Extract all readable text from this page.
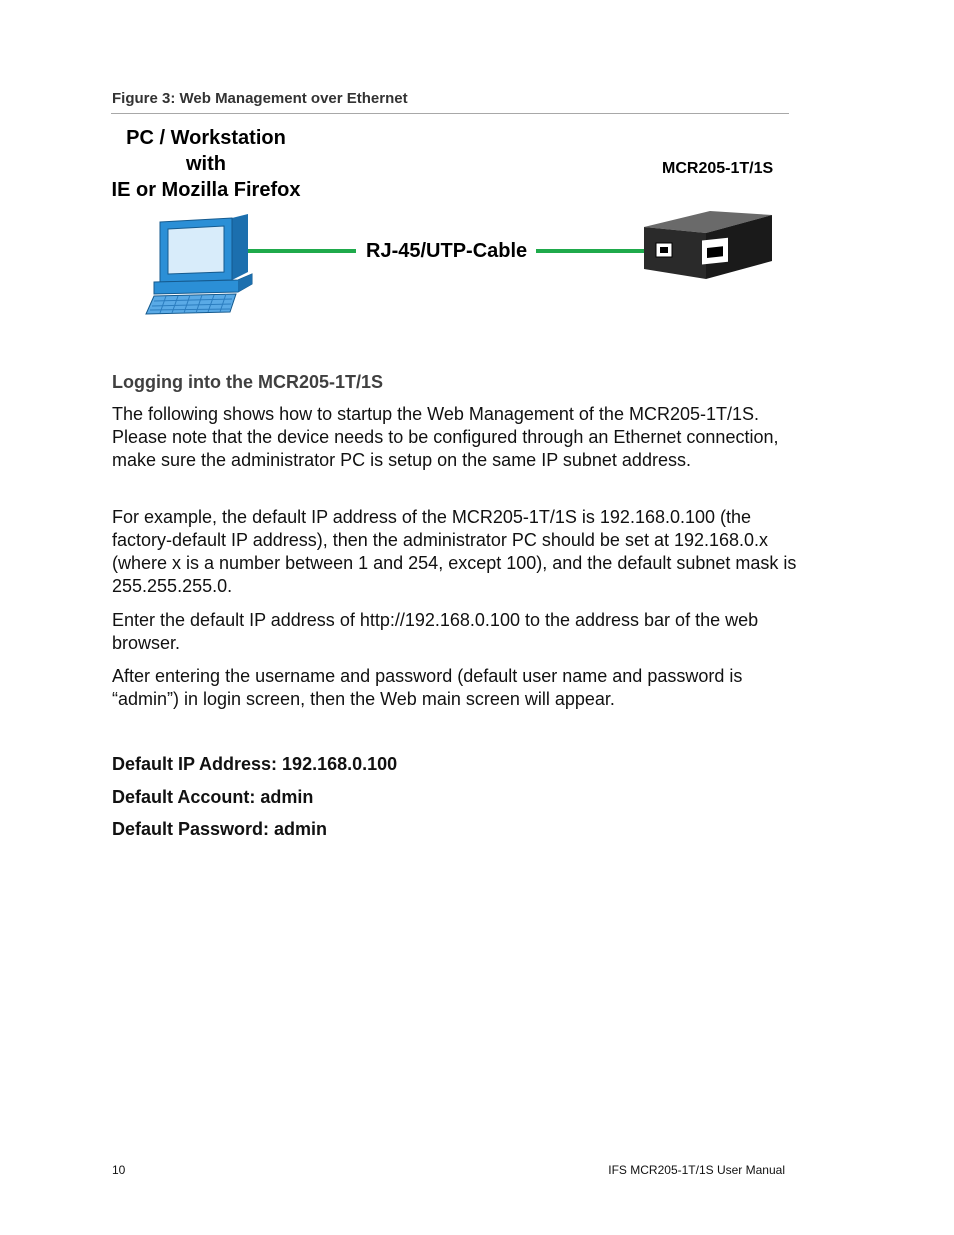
Figure 3: Web Management over Ethernet
PC / Workstation
with
IE or Mozilla Firefox
MCR205-1T/1S
RJ-45/UTP-Cable
Logging into the MCR205-1T/1S

The following shows how to startup the Web Management of the MCR205-1T/1S. Please note that the device needs to be configured through an Ethernet connection, make sure the administrator PC is setup on the same IP subnet address.

For example, the default IP address of the MCR205-1T/1S is 192.168.0.100 (the factory-default IP address), then the administrator PC should be set at 192.168.0.x (where x is a number between 1 and 254, except 100), and the default subnet mask is 255.255.255.0.

Enter the default IP address of http://192.168.0.100 to the address bar of the web browser.

After entering the username and password (default user name and password is “admin”) in login screen, then the Web main screen will appear.

Default IP Address: 192.168.0.100
Default Account: admin
Default Password: admin
10	IFS MCR205-1T/1S User Manual
